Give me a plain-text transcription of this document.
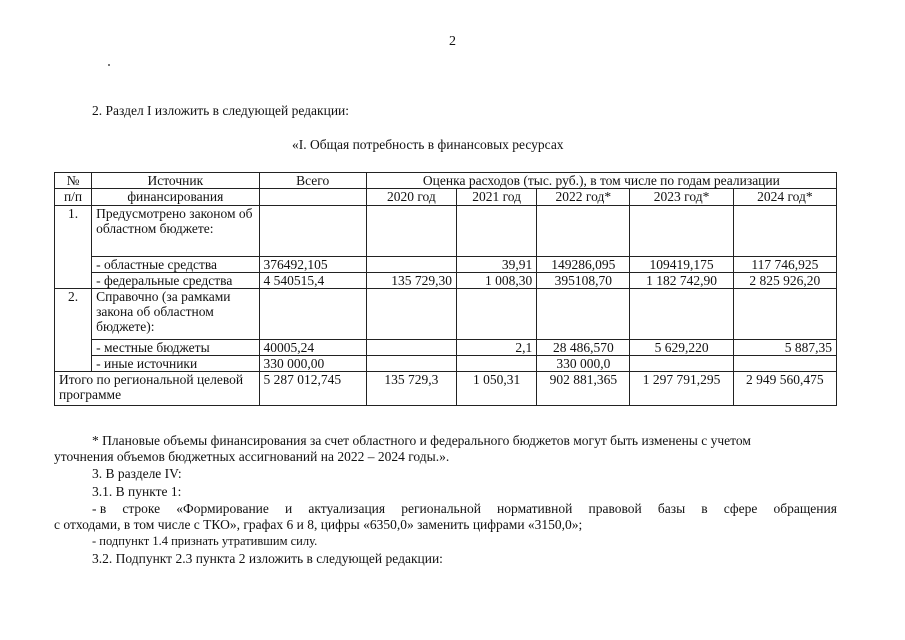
2
2. Раздел I изложить в следующей редакции:
«I. Общая потребность в финансовых ресурсах
№	Источник	Всего	Оценка расходов (тыс. руб.), в том числе по годам реализации				
п/п	финансирования		2020 год	2021 год	2022 год*	2023 год*	2024 год*
1.	Предусмотрено законом об областном бюджете:						
	- областные средства	376492,105		39,91	149286,095	109419,175	117 746,925
	- федеральные средства	4 540515,4	135 729,30	1 008,30	395108,70	1 182 742,90	2 825 926,20
2.	Справочно (за рамками закона об областном бюджете):						
	- местные бюджеты	40005,24		2,1	28 486,570	5 629,220	5 887,35
	- иные источники	330 000,00			330 000,0		
Итого по региональной целевой программе		5 287 012,745	135 729,3	1 050,31	902 881,365	1 297 791,295	2 949 560,475
* Плановые объемы финансирования за счет областного и федерального бюджетов могут быть изменены с учетом
уточнения объемов бюджетных ассигнований на 2022 – 2024 годы.».
3. В разделе IV:
3.1. В пункте 1:
- в строке «Формирование и актуализация региональной нормативной правовой базы в сфере обращения
с отходами, в том числе с ТКО», графах 6 и 8, цифры «6350,0» заменить цифрами «3150,0»;
- подпункт 1.4 признать утратившим силу.
3.2. Подпункт 2.3 пункта 2 изложить в следующей редакции:
